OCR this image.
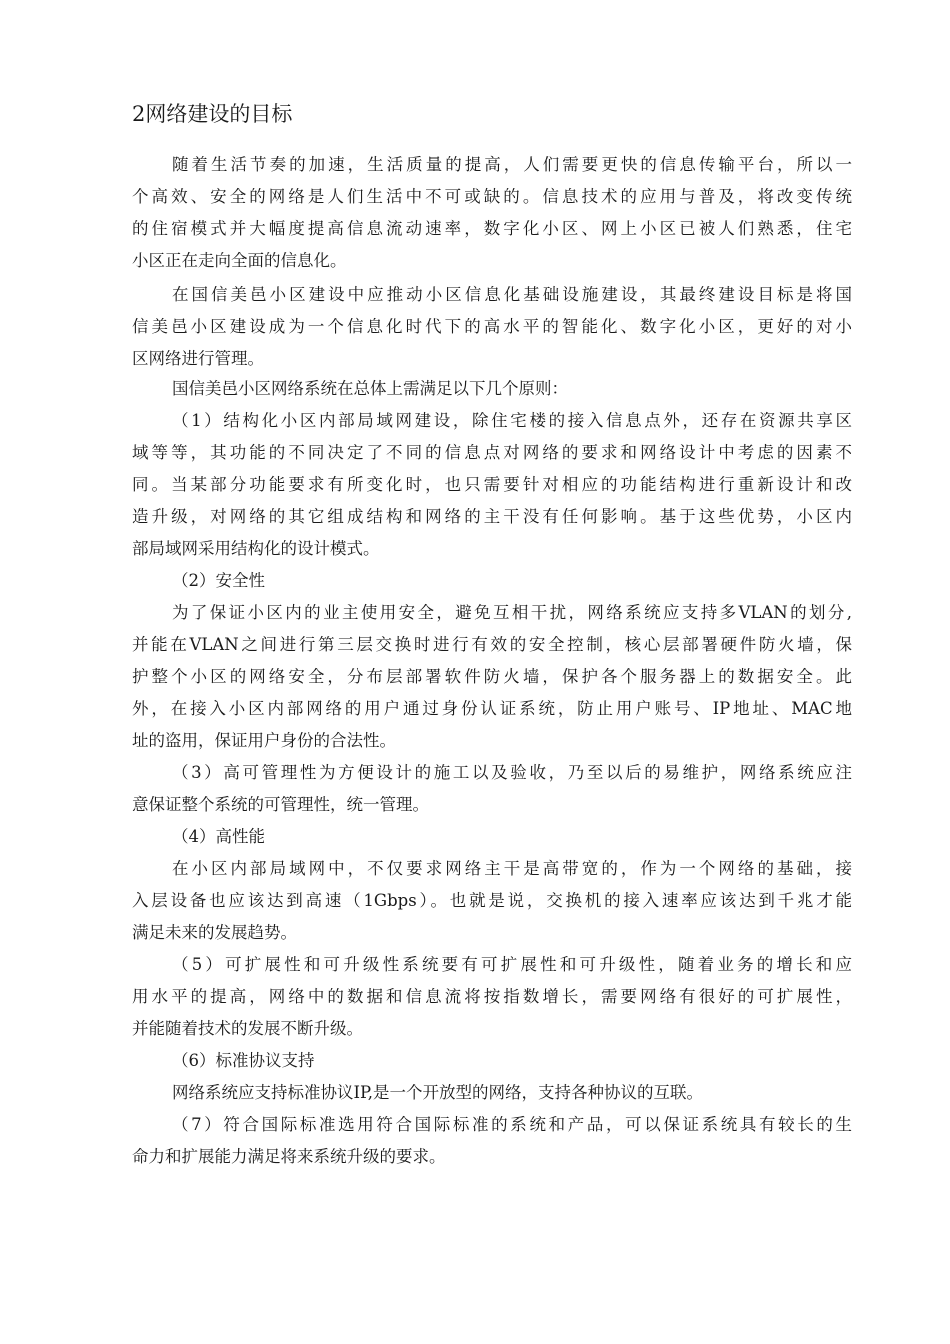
2网络建设的目标
随着生活节奏的加速，生活质量的提高，人们需要更快的信息传输平台，所以一
个高效、安全的网络是人们生活中不可或缺的。信息技术的应用与普及，将改变传统
的住宿模式并大幅度提高信息流动速率，数字化小区、网上小区已被人们熟悉，住宅
小区正在走向全面的信息化。
在国信美邑小区建设中应推动小区信息化基础设施建设，其最终建设目标是将国
信美邑小区建设成为一个信息化时代下的高水平的智能化、数字化小区，更好的对小
区网络进行管理。
国信美邑小区网络系统在总体上需满足以下几个原则：
（1）结构化小区内部局域网建设，除住宅楼的接入信息点外，还存在资源共享区
域等等，其功能的不同决定了不同的信息点对网络的要求和网络设计中考虑的因素不
同。当某部分功能要求有所变化时，也只需要针对相应的功能结构进行重新设计和改
造升级，对网络的其它组成结构和网络的主干没有任何影响。基于这些优势，小区内
部局域网采用结构化的设计模式。
（2）安全性
为了保证小区内的业主使用安全，避免互相干扰，网络系统应支持多VLAN的划分,
并能在VLAN之间进行第三层交换时进行有效的安全控制，核心层部署硬件防火墙，保
护整个小区的网络安全，分布层部署软件防火墙，保护各个服务器上的数据安全。此
外，在接入小区内部网络的用户通过身份认证系统，防止用户账号、IP地址、MAC地
址的盗用，保证用户身份的合法性。
（3）高可管理性为方便设计的施工以及验收，乃至以后的易维护，网络系统应注
意保证整个系统的可管理性，统一管理。
（4）高性能
在小区内部局域网中，不仅要求网络主干是高带宽的，作为一个网络的基础，接
入层设备也应该达到高速（1Gbps）。也就是说，交换机的接入速率应该达到千兆才能
满足未来的发展趋势。
（5）可扩展性和可升级性系统要有可扩展性和可升级性，随着业务的增长和应
用水平的提高，网络中的数据和信息流将按指数增长，需要网络有很好的可扩展性，
并能随着技术的发展不断升级。
（6）标准协议支持
网络系统应支持标准协议IP,是一个开放型的网络，支持各种协议的互联。
（7）符合国际标准选用符合国际标准的系统和产品，可以保证系统具有较长的生
命力和扩展能力满足将来系统升级的要求。
